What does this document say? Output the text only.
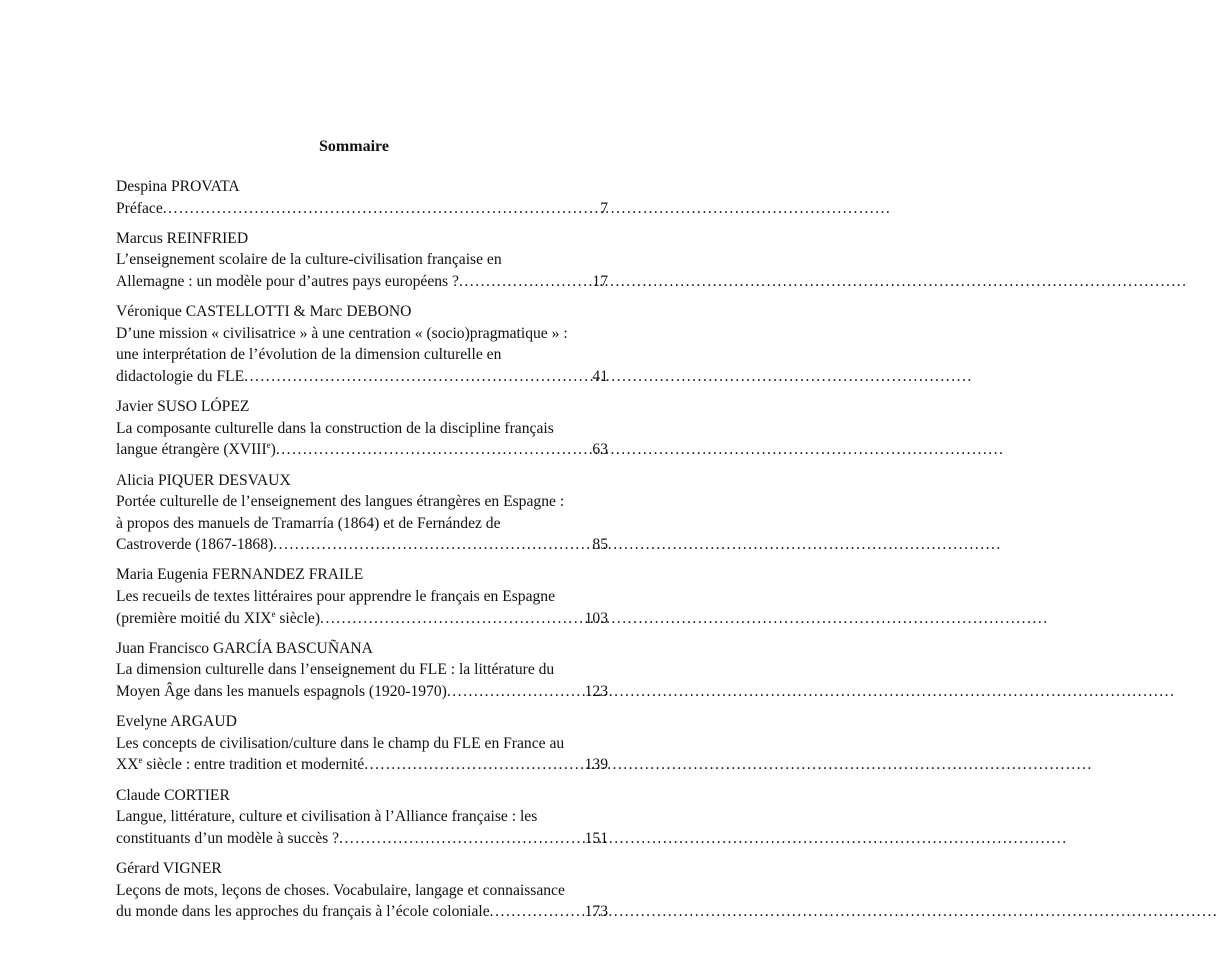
Sommaire
Despina PROVATA
Préface . . .	7
Marcus REINFRIED
L’enseignement scolaire de la culture-civilisation française en
Allemagne : un modèle pour d’autres pays européens ? . . .	17
Véronique CASTELLOTTI & Marc DEBONO
D’une mission « civilisatrice » à une centration « (socio)pragmatique » :
une interprétation de l’évolution de la dimension culturelle en
didactologie du FLE . . .	41
Javier SUSO LÓPEZ
La composante culturelle dans la construction de la discipline français
langue étrangère (XVIIIe) . . .	63
Alicia PIQUER DESVAUX
Portée culturelle de l’enseignement des langues étrangères en Espagne :
à propos des manuels de Tramarría (1864) et de Fernández de
Castroverde (1867-1868) . . .	85
Maria Eugenia FERNANDEZ FRAILE
Les recueils de textes littéraires pour apprendre le français en Espagne
(première moitié du XIXe siècle) . . .	103
Juan Francisco GARCÍA BASCUÑANA
La dimension culturelle dans l’enseignement du FLE : la littérature du
Moyen Âge dans les manuels espagnols (1920-1970) . . .	123
Evelyne ARGAUD
Les concepts de civilisation/culture dans le champ du FLE en France au
XXe siècle : entre tradition et modernité . . .	139
Claude CORTIER
Langue, littérature, culture et civilisation à l’Alliance française : les
constituants d’un modèle à succès ? . . .	151
Gérard VIGNER
Leçons de mots, leçons de choses. Vocabulaire, langage et connaissance
du monde dans les approches du français à l’école coloniale . . .	173
